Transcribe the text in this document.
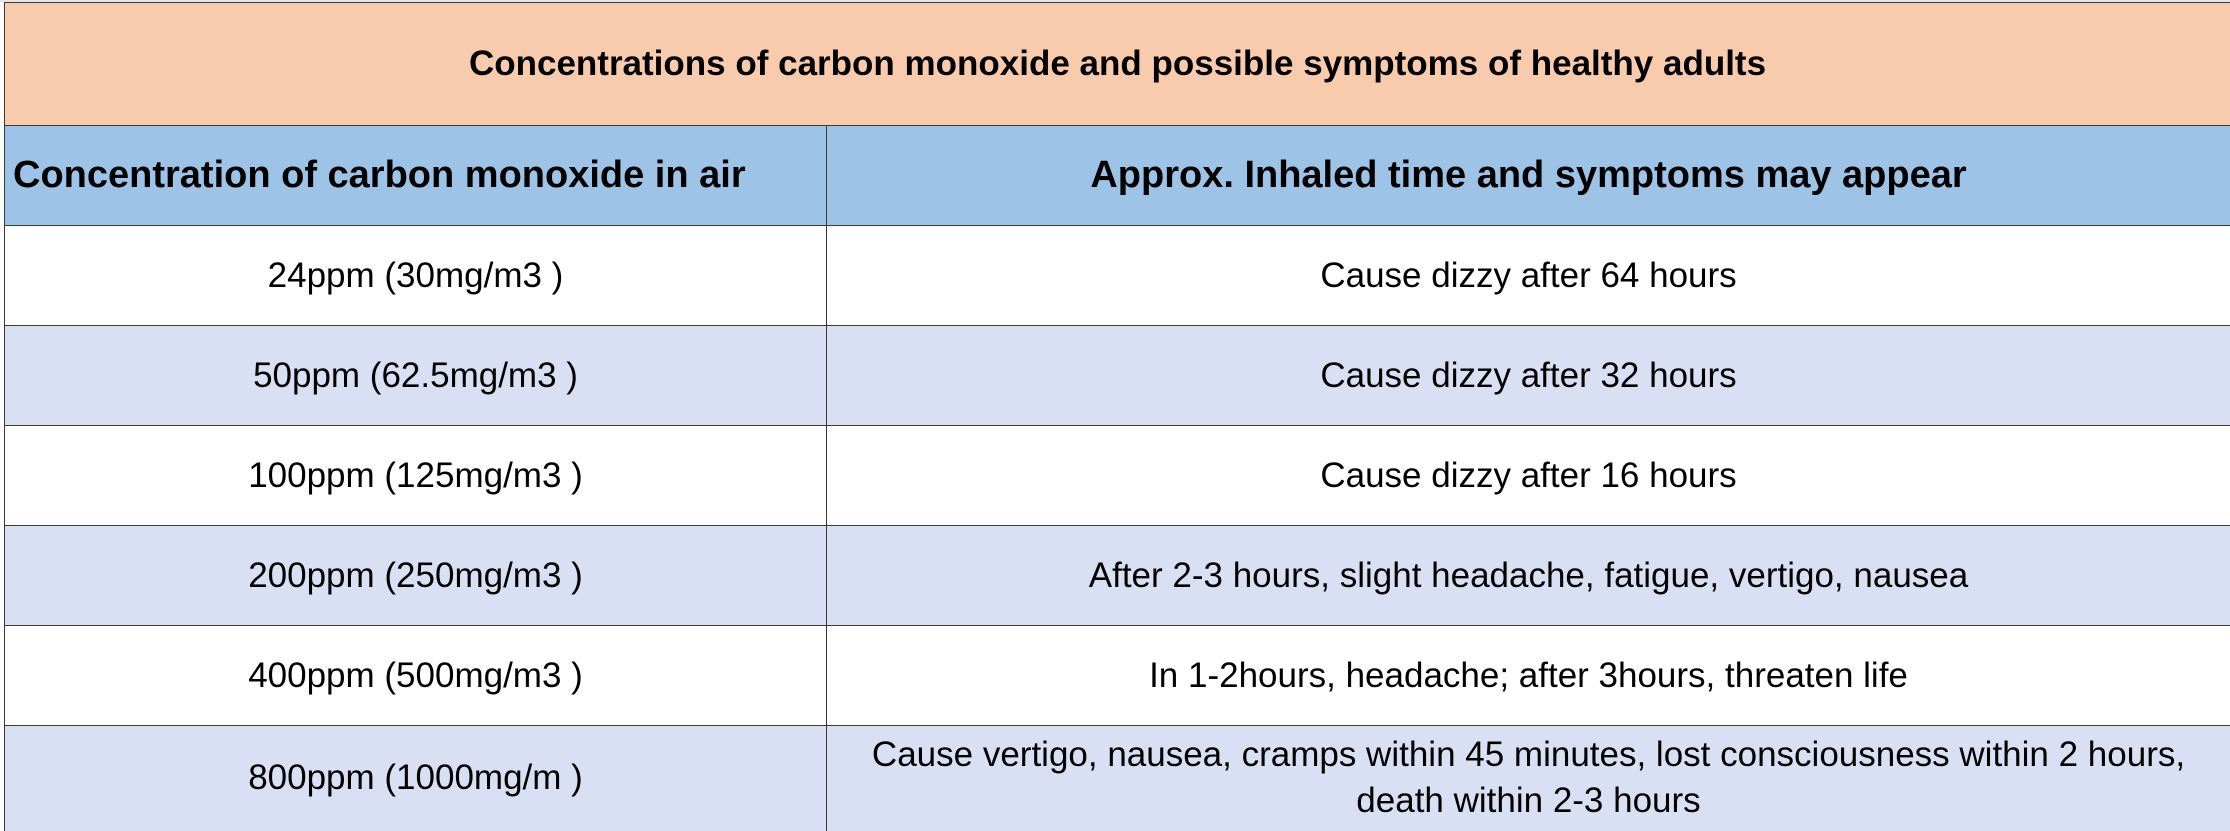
Concentrations of carbon monoxide and possible symptoms of healthy adults	
Concentration of carbon monoxide in air	Approx. Inhaled time and symptoms may appear
24ppm (30mg/m3 )	Cause dizzy after 64 hours
50ppm (62.5mg/m3 )	Cause dizzy after 32 hours
100ppm (125mg/m3 )	Cause dizzy after 16 hours
200ppm (250mg/m3 )	After 2-3 hours, slight headache, fatigue, vertigo, nausea
400ppm (500mg/m3 )	In 1-2hours, headache; after 3hours, threaten life
800ppm (1000mg/m )	Cause vertigo, nausea, cramps within 45 minutes, lost consciousness within 2 hours, death within 2-3 hours
